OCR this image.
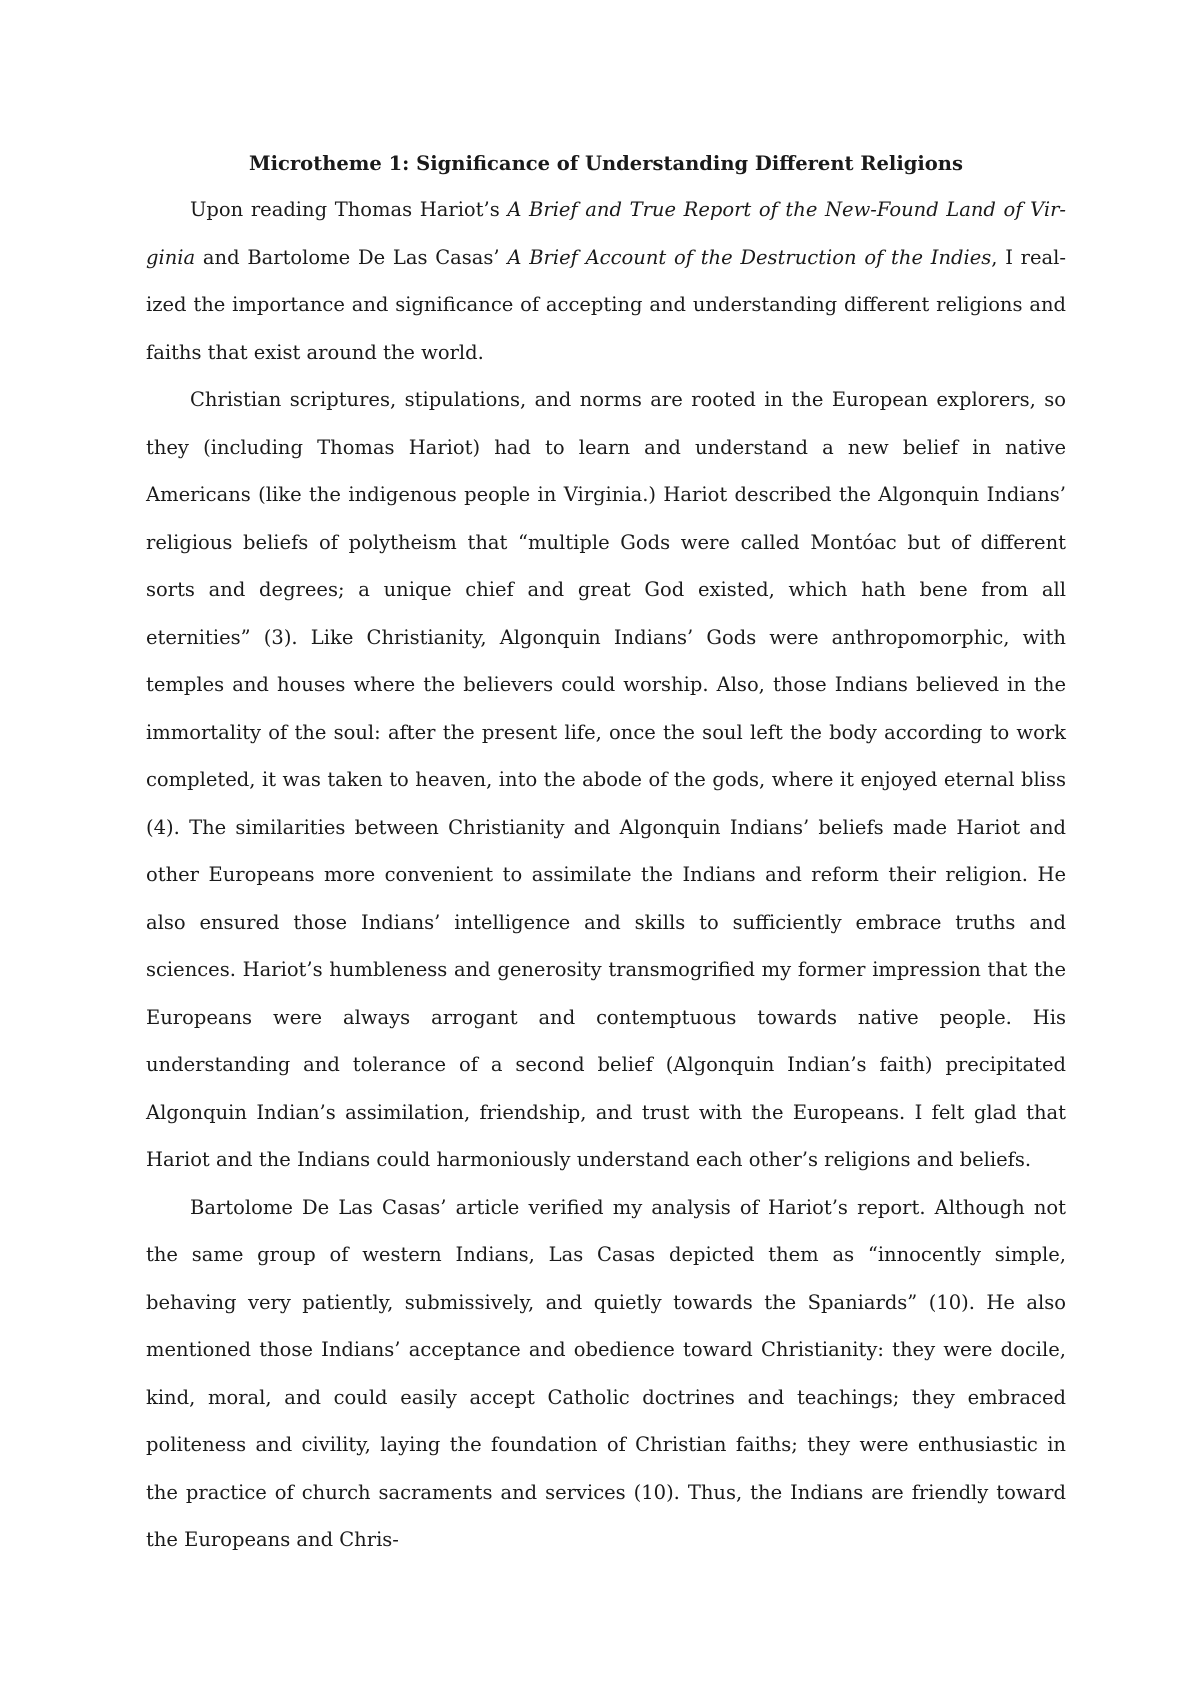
Microtheme 1: Significance of Understanding Different Religions

Upon reading Thomas Hariot’s A Brief and True Report of the New-Found Land of Virginia and Bartolome De Las Casas’ A Brief Account of the Destruction of the Indies, I realized the importance and significance of accepting and understanding different religions and faiths that exist around the world.

Christian scriptures, stipulations, and norms are rooted in the European explorers, so they (including Thomas Hariot) had to learn and understand a new belief in native Americans (like the indigenous people in Virginia.) Hariot described the Algonquin Indians’ religious beliefs of polytheism that “multiple Gods were called Montóac but of different sorts and degrees; a unique chief and great God existed, which hath bene from all eternities” (3). Like Christianity, Algonquin Indians’ Gods were anthropomorphic, with temples and houses where the believers could worship. Also, those Indians believed in the immortality of the soul: after the present life, once the soul left the body according to work completed, it was taken to heaven, into the abode of the gods, where it enjoyed eternal bliss (4). The similarities between Christianity and Algonquin Indians’ beliefs made Hariot and other Europeans more convenient to assimilate the Indians and reform their religion. He also ensured those Indians’ intelligence and skills to sufficiently embrace truths and sciences. Hariot’s humbleness and generosity transmogrified my former impression that the Europeans were always arrogant and contemptuous towards native people. His understanding and tolerance of a second belief (Algonquin Indian’s faith) precipitated Algonquin Indian’s assimilation, friendship, and trust with the Europeans. I felt glad that Hariot and the Indians could harmoniously understand each other’s religions and beliefs.

Bartolome De Las Casas’ article verified my analysis of Hariot’s report. Although not the same group of western Indians, Las Casas depicted them as “innocently simple, behaving very patiently, submissively, and quietly towards the Spaniards” (10). He also mentioned those Indians’ acceptance and obedience toward Christianity: they were docile, kind, moral, and could easily accept Catholic doctrines and teachings; they embraced politeness and civility, laying the foundation of Christian faiths; they were enthusiastic in the practice of church sacraments and services (10). Thus, the Indians are friendly toward the Europeans and Chris-
